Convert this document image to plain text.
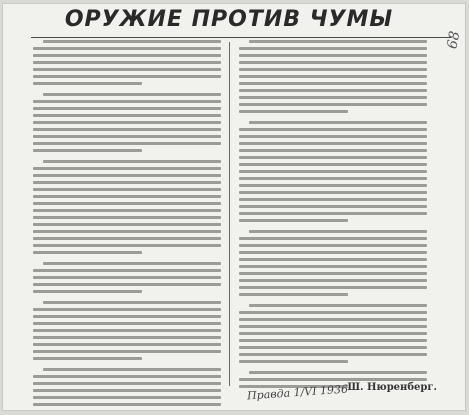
ОРУЖИЕ ПРОТИВ ЧУМЫ
68
Правда 1/VI 1936

Ш. Нюренберг.
